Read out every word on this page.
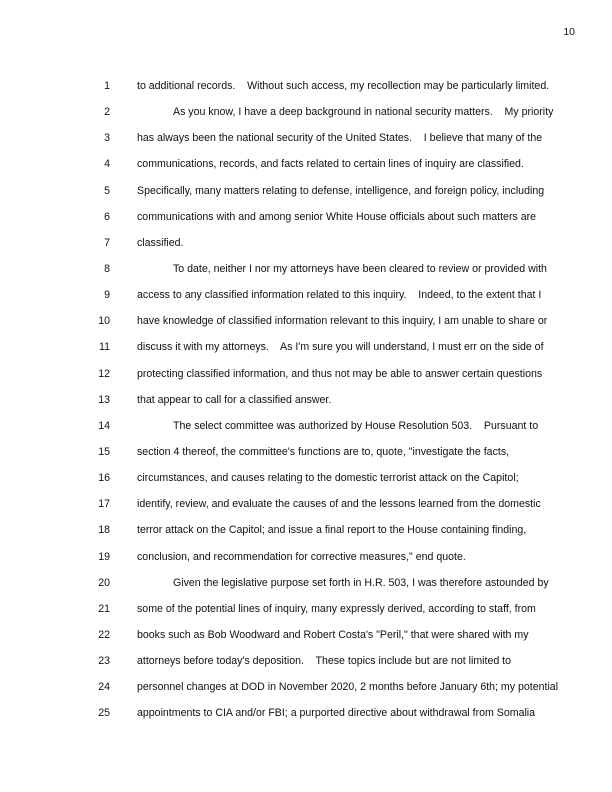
10
1	to additional records.    Without such access, my recollection may be particularly limited.
2	As you know, I have a deep background in national security matters.    My priority
3	has always been the national security of the United States.    I believe that many of the
4	communications, records, and facts related to certain lines of inquiry are classified.
5	Specifically, many matters relating to defense, intelligence, and foreign policy, including
6	communications with and among senior White House officials about such matters are
7	classified.
8	To date, neither I nor my attorneys have been cleared to review or provided with
9	access to any classified information related to this inquiry.    Indeed, to the extent that I
10	have knowledge of classified information relevant to this inquiry, I am unable to share or
11	discuss it with my attorneys.    As I'm sure you will understand, I must err on the side of
12	protecting classified information, and thus not may be able to answer certain questions
13	that appear to call for a classified answer.
14	The select committee was authorized by House Resolution 503.    Pursuant to
15	section 4 thereof, the committee's functions are to, quote, "investigate the facts,
16	circumstances, and causes relating to the domestic terrorist attack on the Capitol;
17	identify, review, and evaluate the causes of and the lessons learned from the domestic
18	terror attack on the Capitol; and issue a final report to the House containing finding,
19	conclusion, and recommendation for corrective measures," end quote.
20	Given the legislative purpose set forth in H.R. 503, I was therefore astounded by
21	some of the potential lines of inquiry, many expressly derived, according to staff, from
22	books such as Bob Woodward and Robert Costa's "Peril," that were shared with my
23	attorneys before today's deposition.    These topics include but are not limited to
24	personnel changes at DOD in November 2020, 2 months before January 6th; my potential
25	appointments to CIA and/or FBI; a purported directive about withdrawal from Somalia
